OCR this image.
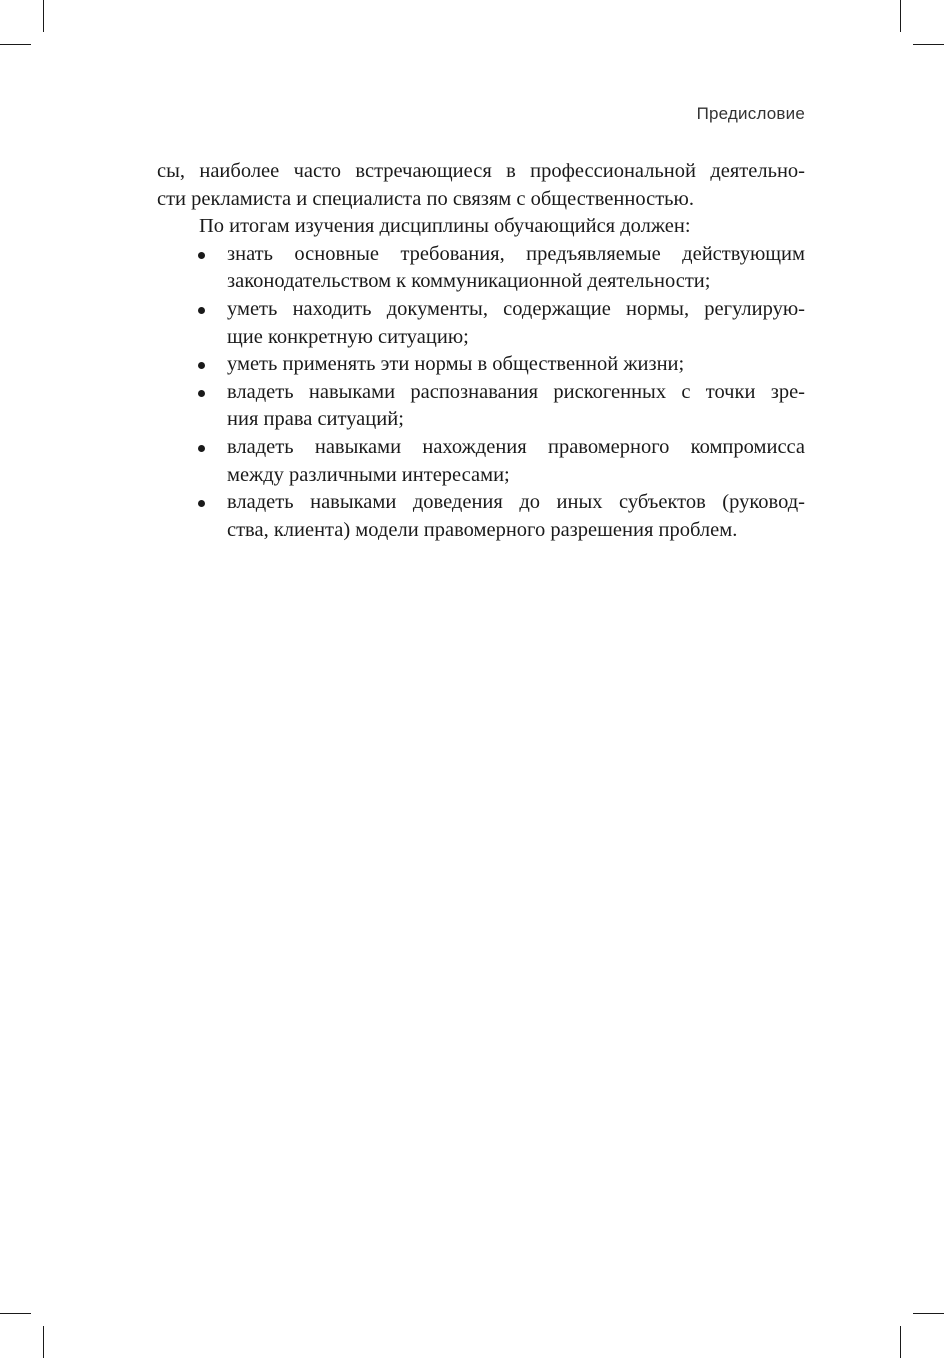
Предисловие

сы, наиболее часто встречающиеся в профессиональной деятельно-
сти рекламиста и специалиста по связям с общественностью.

По итогам изучения дисциплины обучающийся должен:

знать основные требования, предъявляемые действующим
законодательством к коммуникационной деятельности;
уметь находить документы, содержащие нормы, регулирую-
щие конкретную ситуацию;
уметь применять эти нормы в общественной жизни;
владеть навыками распознавания рискогенных с точки зре-
ния права ситуаций;
владеть навыками нахождения правомерного компромисса
между различными интересами;
владеть навыками доведения до иных субъектов (руковод-
ства, клиента) модели правомерного разрешения проблем.
